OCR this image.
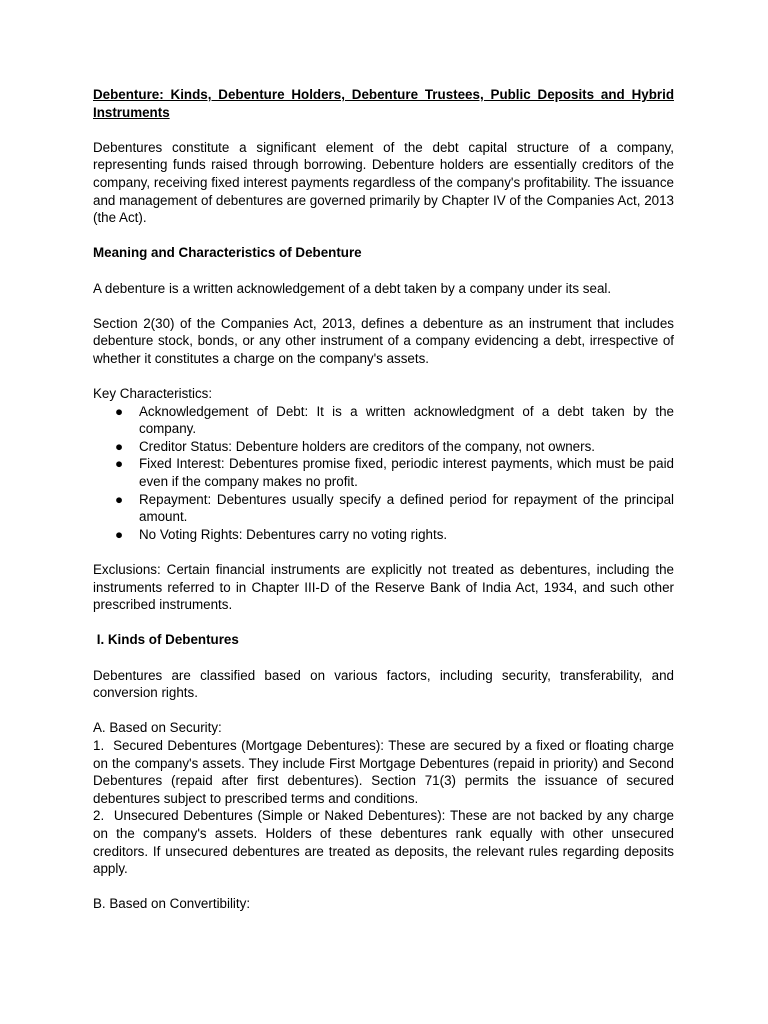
Debenture: Kinds, Debenture Holders, Debenture Trustees, Public Deposits and Hybrid Instruments

Debentures constitute a significant element of the debt capital structure of a company, representing funds raised through borrowing. Debenture holders are essentially creditors of the company, receiving fixed interest payments regardless of the company's profitability. The issuance and management of debentures are governed primarily by Chapter IV of the Companies Act, 2013 (the Act).

Meaning and Characteristics of Debenture

A debenture is a written acknowledgement of a debt taken by a company under its seal.

Section 2(30) of the Companies Act, 2013, defines a debenture as an instrument that includes debenture stock, bonds, or any other instrument of a company evidencing a debt, irrespective of whether it constitutes a charge on the company's assets.

Key Characteristics:

● Acknowledgement of Debt: It is a written acknowledgment of a debt taken by the company.
● Creditor Status: Debenture holders are creditors of the company, not owners.
● Fixed Interest: Debentures promise fixed, periodic interest payments, which must be paid even if the company makes no profit.
● Repayment: Debentures usually specify a defined period for repayment of the principal amount.
● No Voting Rights: Debentures carry no voting rights.

Exclusions: Certain financial instruments are explicitly not treated as debentures, including the instruments referred to in Chapter III-D of the Reserve Bank of India Act, 1934, and such other prescribed instruments.

I. Kinds of Debentures

Debentures are classified based on various factors, including security, transferability, and conversion rights.

A. Based on Security:

1.  Secured Debentures (Mortgage Debentures): These are secured by a fixed or floating charge on the company's assets. They include First Mortgage Debentures (repaid in priority) and Second Debentures (repaid after first debentures). Section 71(3) permits the issuance of secured debentures subject to prescribed terms and conditions.

2.  Unsecured Debentures (Simple or Naked Debentures): These are not backed by any charge on the company's assets. Holders of these debentures rank equally with other unsecured creditors. If unsecured debentures are treated as deposits, the relevant rules regarding deposits apply.

B. Based on Convertibility:
